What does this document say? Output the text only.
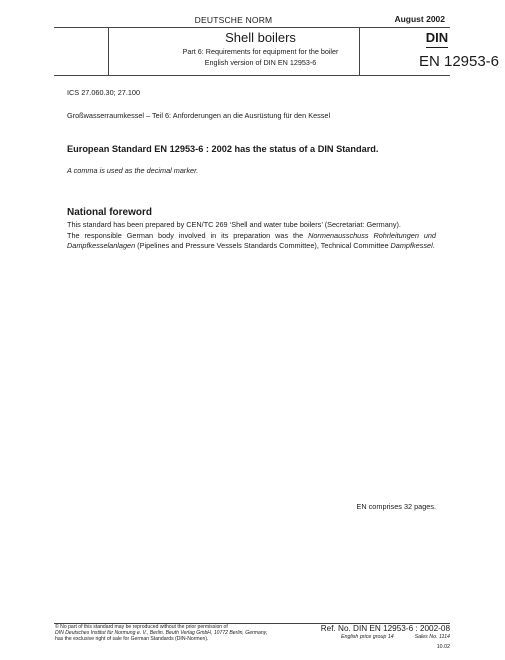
DEUTSCHE NORM	August 2002
Shell boilers
Part 6: Requirements for equipment for the boiler
English version of DIN EN 12953-6
DIN
EN 12953-6
ICS 27.060.30; 27.100
Großwasserraumkessel – Teil 6: Anforderungen an die Ausrüstung für den Kessel
European Standard EN 12953-6 : 2002 has the status of a DIN Standard.
A comma is used as the decimal marker.
National foreword
This standard has been prepared by CEN/TC 269 ‘Shell and water tube boilers’ (Secretariat: Germany).
The responsible German body involved in its preparation was the Normenausschuss Rohrleitungen und Dampfkesselanlagen (Pipelines and Pressure Vessels Standards Committee), Technical Committee Dampfkessel.
EN comprises 32 pages.
© No part of this standard may be reproduced without the prior permission of
DIN Deutsches Institut für Normung e. V., Berlin. Beuth Verlag GmbH, 10772 Berlin, Germany,
has the exclusive right of sale for German Standards (DIN-Normen).
Ref. No. DIN EN 12953-6 : 2002-08
English price group 14	Sales No. 1114
10.02
